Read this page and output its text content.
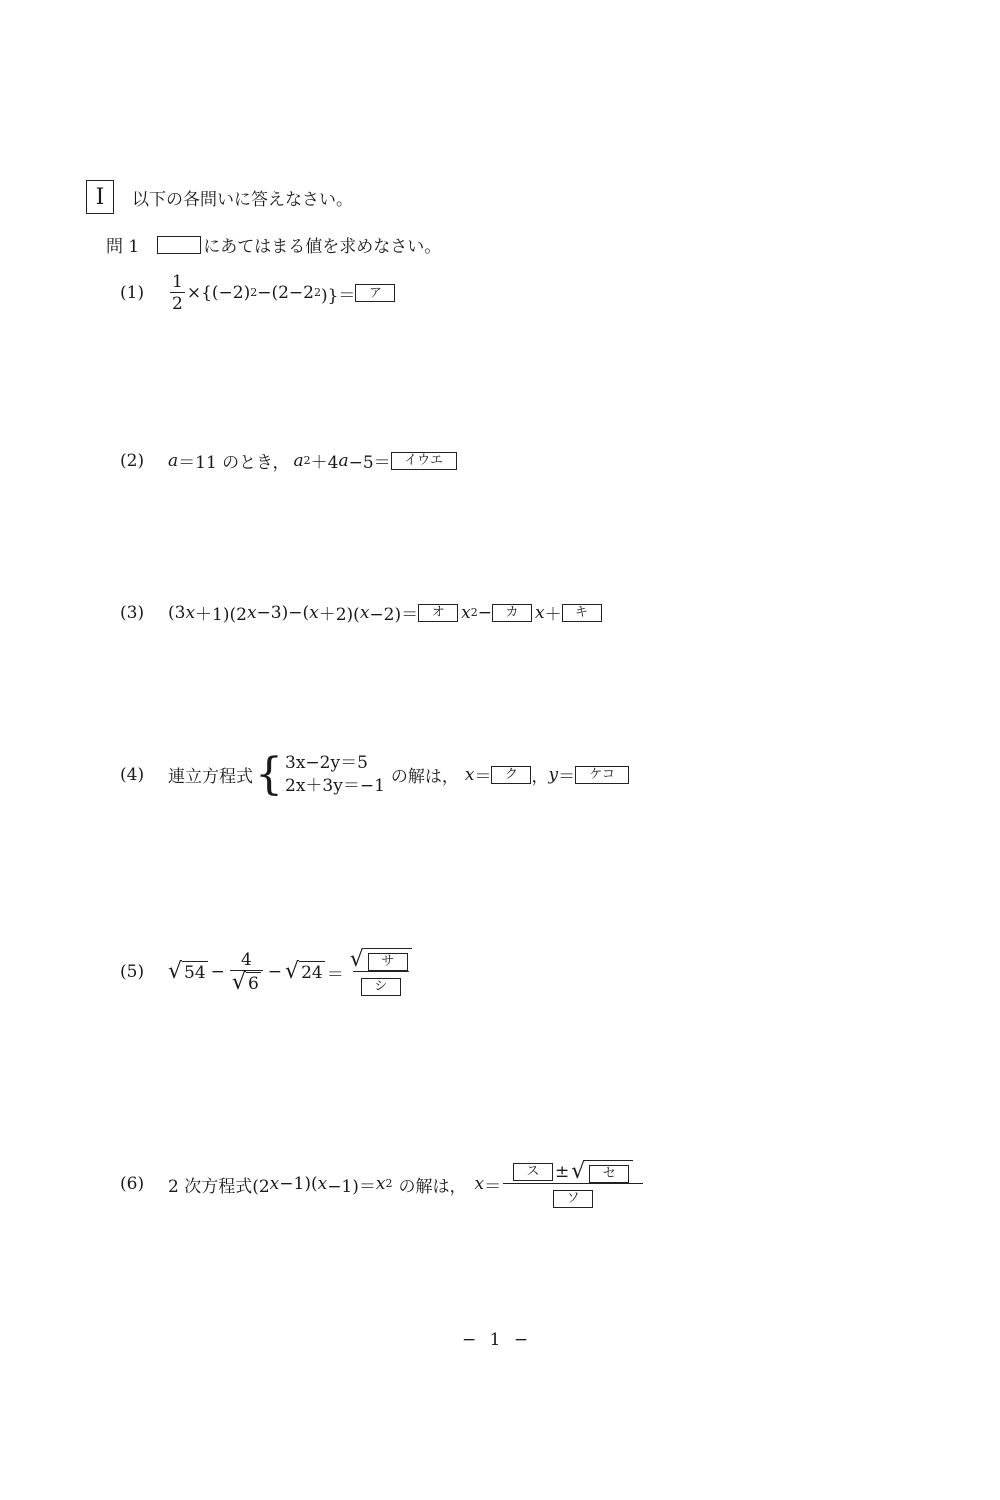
I	以下の各問いに答えなさい。
問 1	にあてはまる値を求めなさい。
(1)	$\frac{1}{2} \times\{(-2)$ 2 −(2−2 2 )}＝	ア
(2)	a ＝11 のとき， a 2 ＋4 a −5＝	イウエ
(3)	(3 x ＋1)(2 x −3)−( x ＋2)( x −2)＝	オ x 2 −	カ x ＋	キ
(4)	連立方程式 { 3x−2y＝5
2x＋3y＝−1 の解は， x ＝	ク ， y ＝	ケコ
(5)	√ $54 - \frac{4}{√ 6}$ − √ 24 ＝ √	サ
シ
(6)	2 次方程式(2 x −1)( x −1)＝ x 2 の解は， x ＝ ス ± √	セ
ソ
− 1 −
